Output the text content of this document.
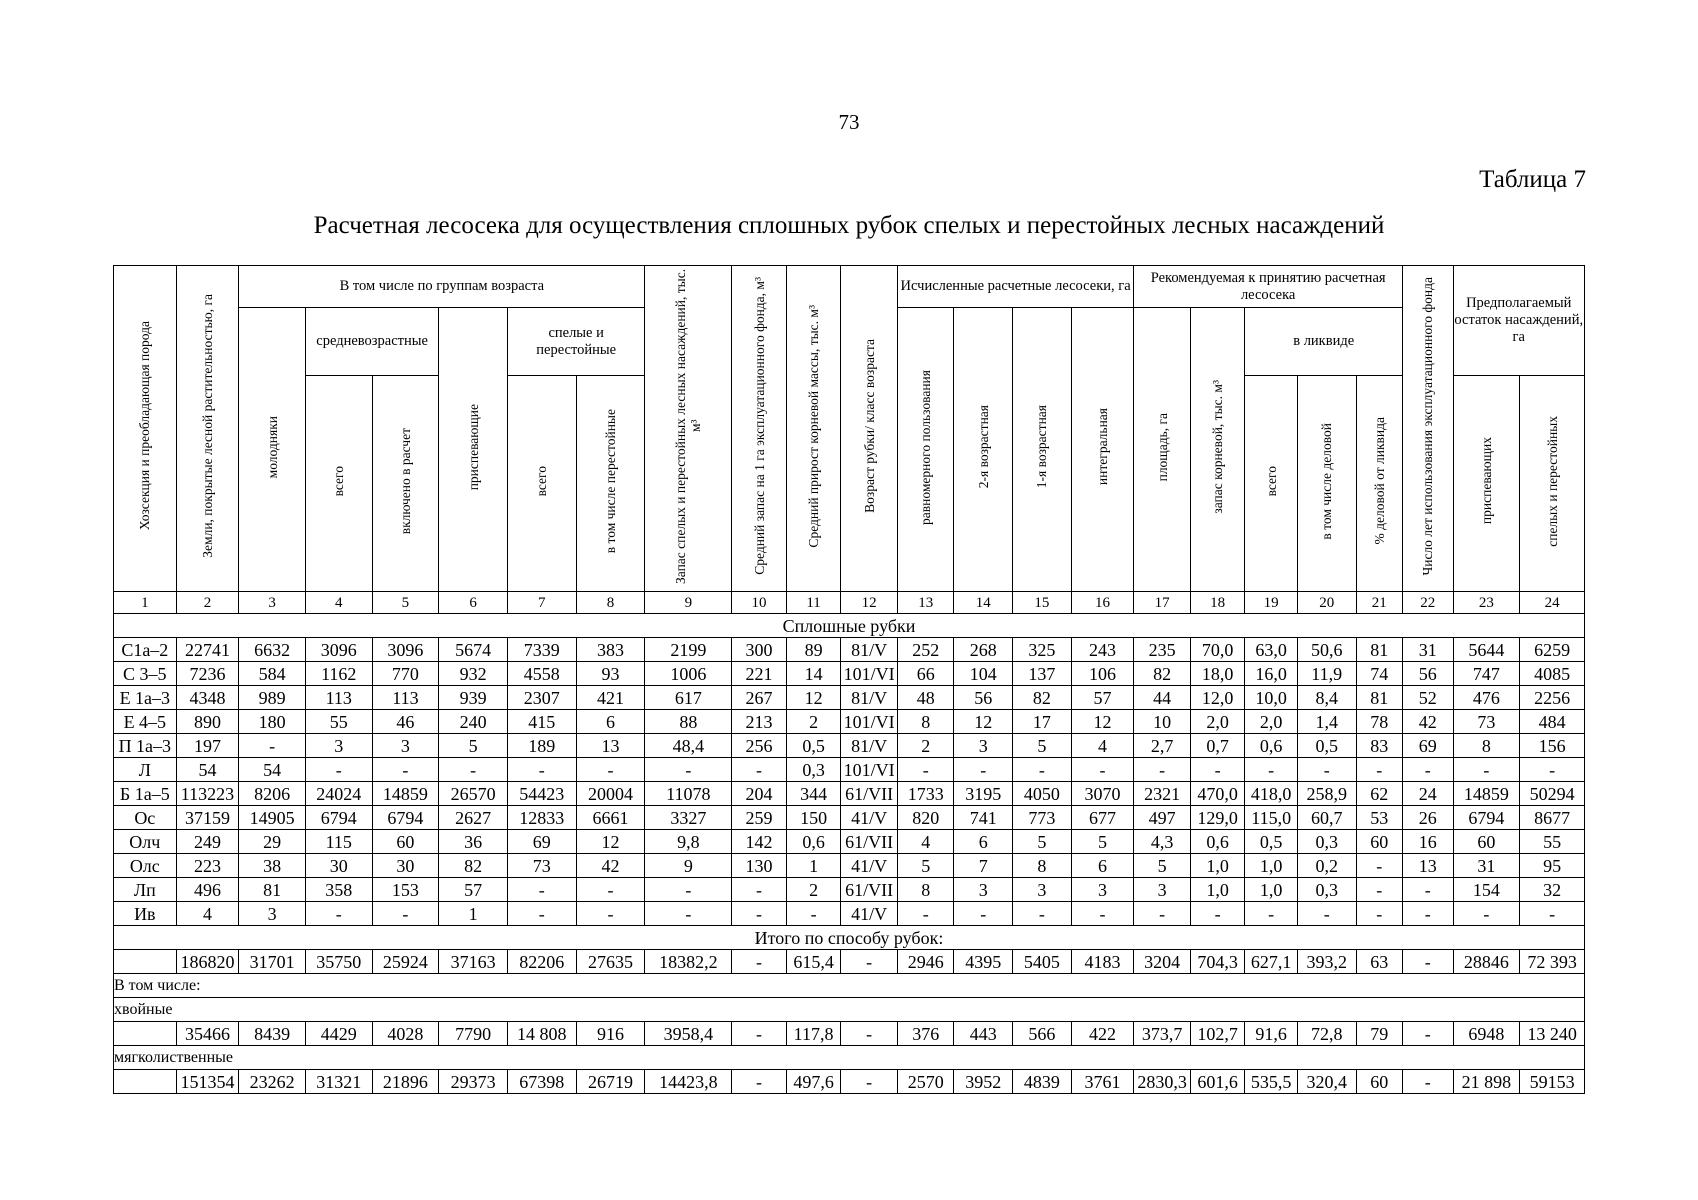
73
Таблица 7
Расчетная лесосека для осуществления сплошных рубок спелых и перестойных лесных насаждений
Хозсекция и преобладающая порода	Земли, покрытые лесной растительностью, га	В том числе по группам возраста						Запас спелых и перестойных лесных насаждений, тыс. м³	Средний запас на 1 га эксплуатационного фонда, м³	Средний прирост корневой массы, тыс. м³	Возраст рубки/ класс возраста	Исчисленные расчетные лесосеки, га				Рекомендуемая к принятию расчетная лесосека					Число лет использования эксплуатационного фонда	Предполагаемый остаток насаждений, га	
		молодняки	средневозрастные		приспевающие	спелые и перестойные						равномерного пользования	2-я возрастная	1-я возрастная	интегральная	площадь, га	запас корневой, тыс. м³	в ликвиде					
			всего	включено в расчет		всего	в том числе перестойные											всего	в том числе деловой	% деловой от ликвида		приспевающих	спелых и перестойных
1	2	3	4	5	6	7	8	9	10	11	12	13	14	15	16	17	18	19	20	21	22	23	24
Сплошные рубки																							
С1а–2	22741	6632	3096	3096	5674	7339	383	2199	300	89	81/V	252	268	325	243	235	70,0	63,0	50,6	81	31	5644	6259
С 3–5	7236	584	1162	770	932	4558	93	1006	221	14	101/VI	66	104	137	106	82	18,0	16,0	11,9	74	56	747	4085
Е 1а–3	4348	989	113	113	939	2307	421	617	267	12	81/V	48	56	82	57	44	12,0	10,0	8,4	81	52	476	2256
Е 4–5	890	180	55	46	240	415	6	88	213	2	101/VI	8	12	17	12	10	2,0	2,0	1,4	78	42	73	484
П 1а–3	197	-	3	3	5	189	13	48,4	256	0,5	81/V	2	3	5	4	2,7	0,7	0,6	0,5	83	69	8	156
Л	54	54	-	-	-	-	-	-	-	0,3	101/VI	-	-	-	-	-	-	-	-	-	-	-	-
Б 1а–5	113223	8206	24024	14859	26570	54423	20004	11078	204	344	61/VII	1733	3195	4050	3070	2321	470,0	418,0	258,9	62	24	14859	50294
Ос	37159	14905	6794	6794	2627	12833	6661	3327	259	150	41/V	820	741	773	677	497	129,0	115,0	60,7	53	26	6794	8677
Олч	249	29	115	60	36	69	12	9,8	142	0,6	61/VII	4	6	5	5	4,3	0,6	0,5	0,3	60	16	60	55
Олс	223	38	30	30	82	73	42	9	130	1	41/V	5	7	8	6	5	1,0	1,0	0,2	-	13	31	95
Лп	496	81	358	153	57	-	-	-	-	2	61/VII	8	3	3	3	3	1,0	1,0	0,3	-	-	154	32
Ив	4	3	-	-	1	-	-	-	-	-	41/V	-	-	-	-	-	-	-	-	-	-	-	-
Итого по способу рубок:																							
	186820	31701	35750	25924	37163	82206	27635	18382,2	-	615,4	-	2946	4395	5405	4183	3204	704,3	627,1	393,2	63	-	28846	72 393
В том числе:																							
хвойные																							
	35466	8439	4429	4028	7790	14 808	916	3958,4	-	117,8	-	376	443	566	422	373,7	102,7	91,6	72,8	79	-	6948	13 240
мягколиственные																							
	151354	23262	31321	21896	29373	67398	26719	14423,8	-	497,6	-	2570	3952	4839	3761	2830,3	601,6	535,5	320,4	60	-	21 898	59153
